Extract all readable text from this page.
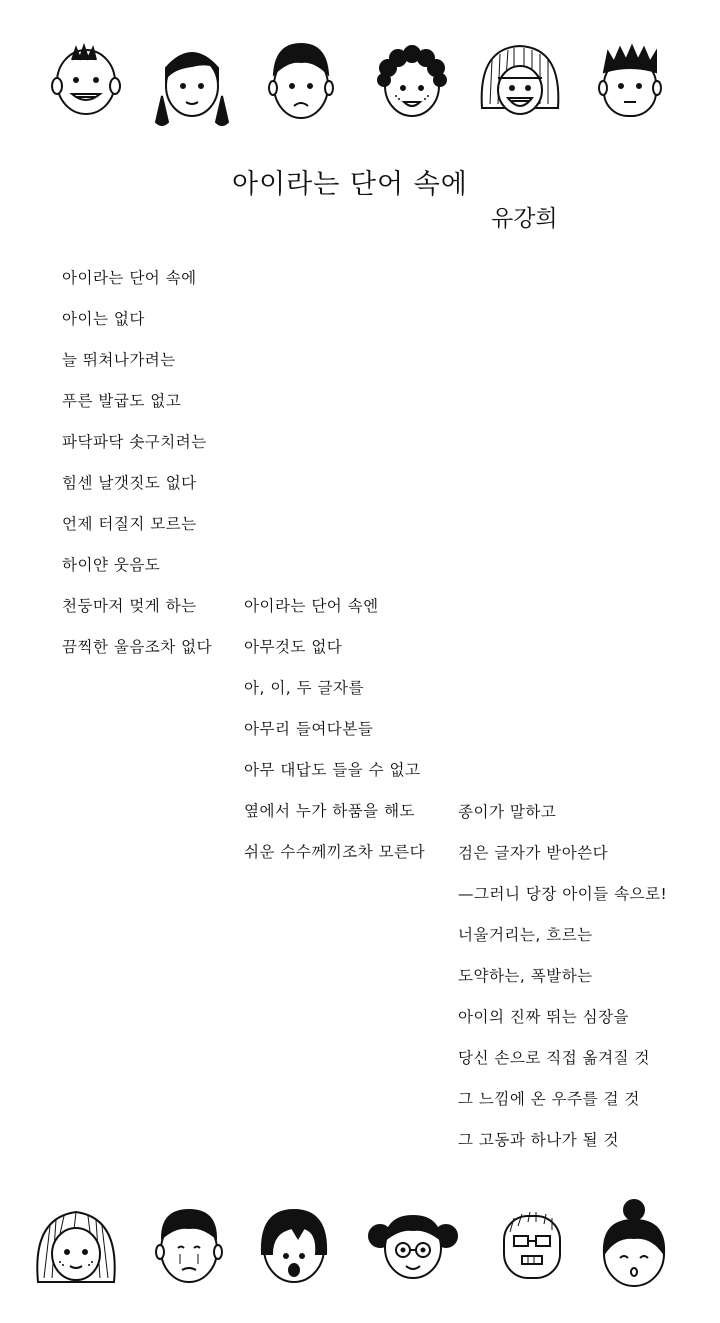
아이라는 단어 속에
유강희
아이라는 단어 속에
아이는 없다
늘 뛰쳐나가려는
푸른 발굽도 없고
파닥파닥 솟구치려는
힘센 날갯짓도 없다
언제 터질지 모르는
하이얀 웃음도
천둥마저 멎게 하는
끔찍한 울음조차 없다
아이라는 단어 속엔
아무것도 없다
아, 이, 두 글자를
아무리 들여다본들
아무 대답도 들을 수 없고
옆에서 누가 하품을 해도
쉬운 수수께끼조차 모른다
종이가 말하고
검은 글자가 받아쓴다
—그러니 당장 아이들 속으로!
너울거리는, 흐르는
도약하는, 폭발하는
아이의 진짜 뛰는 심장을
당신 손으로 직접 옮겨질 것
그 느낌에 온 우주를 걸 것
그 고동과 하나가 될 것
